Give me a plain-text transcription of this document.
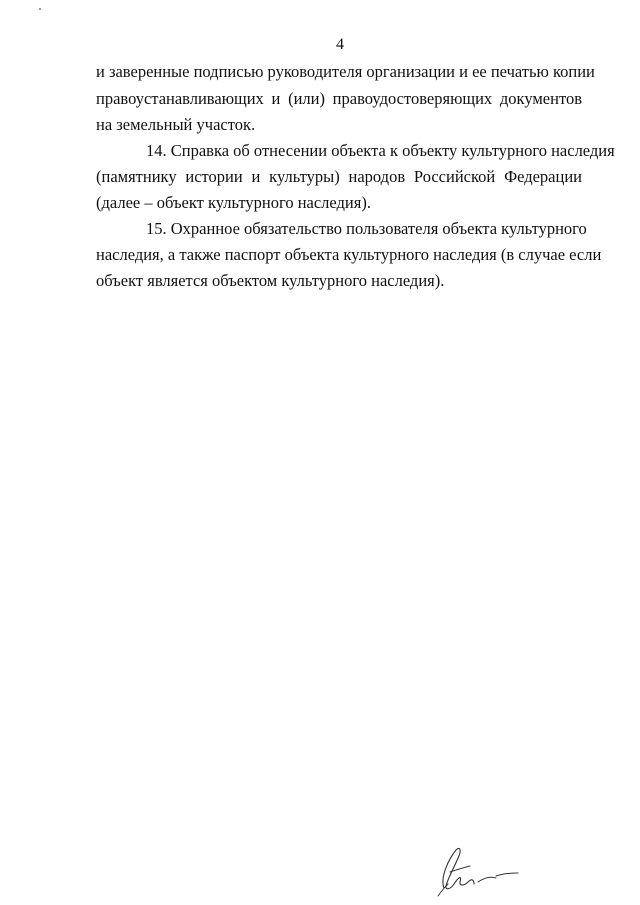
4
и заверенные подписью руководителя организации и ее печатью копии
правоустанавливающих и (или) правоудостоверяющих документов
на земельный участок.
14. Справка об отнесении объекта к объекту культурного наследия
(памятнику истории и культуры) народов Российской Федерации
(далее – объект культурного наследия).
15. Охранное обязательство пользователя объекта культурного
наследия, а также паспорт объекта культурного наследия (в случае если
объект является объектом культурного наследия).
